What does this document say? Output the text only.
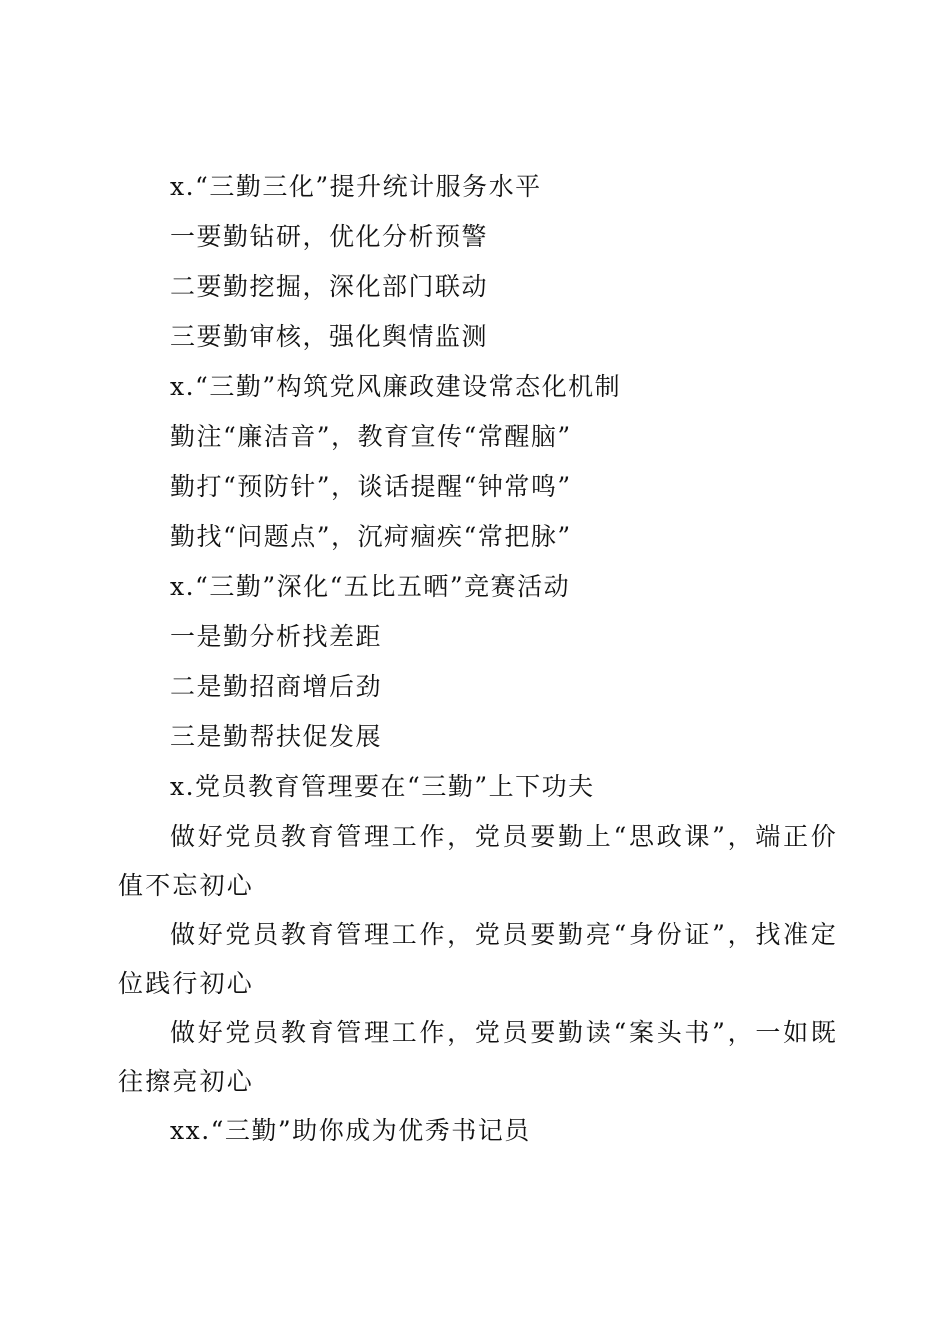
x.“三勤三化”提升统计服务水平
一要勤钻研，优化分析预警
二要勤挖掘，深化部门联动
三要勤审核，强化舆情监测
x.“三勤”构筑党风廉政建设常态化机制
勤注“廉洁音”，教育宣传“常醒脑”
勤打“预防针”，谈话提醒“钟常鸣”
勤找“问题点”，沉疴痼疾“常把脉”
x.“三勤”深化“五比五晒”竞赛活动
一是勤分析找差距
二是勤招商增后劲
三是勤帮扶促发展
x.党员教育管理要在“三勤”上下功夫
做好党员教育管理工作，党员要勤上“思政课”，端正价值不忘初心
做好党员教育管理工作，党员要勤亮“身份证”，找准定位践行初心
做好党员教育管理工作，党员要勤读“案头书”，一如既往擦亮初心
xx.“三勤”助你成为优秀书记员
